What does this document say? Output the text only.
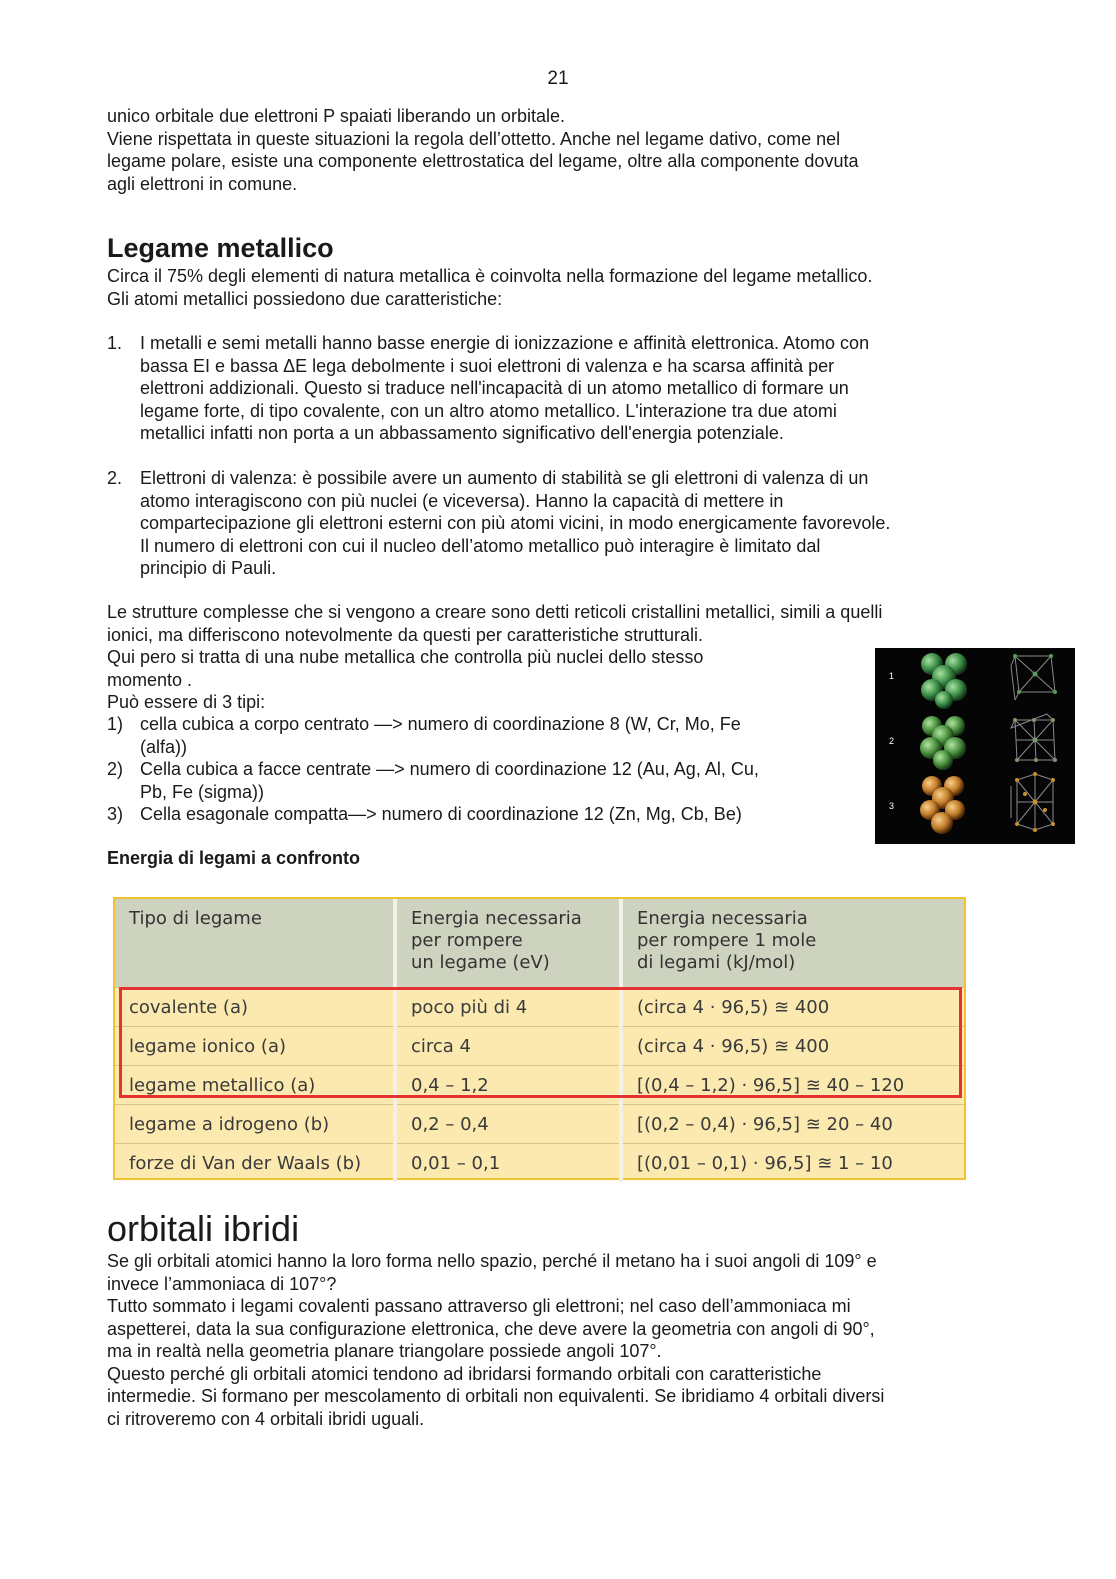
21
unico orbitale due elettroni P spaiati liberando un orbitale.
Viene rispettata in queste situazioni la regola dell’ottetto. Anche nel legame dativo, come nel
legame polare, esiste una componente elettrostatica del legame, oltre alla componente dovuta
agli elettroni in comune.
Legame metallico
Circa il 75% degli elementi di natura metallica è coinvolta nella formazione del legame metallico.
Gli atomi metallici possiedono due caratteristiche:
1. I metalli e semi metalli hanno basse energie di ionizzazione e affinità elettronica. Atomo con
bassa EI e bassa ΔE lega debolmente i suoi elettroni di valenza e ha scarsa affinità per
elettroni addizionali. Questo si traduce nell'incapacità di un atomo metallico di formare un
legame forte, di tipo covalente, con un altro atomo metallico. L'interazione tra due atomi
metallici infatti non porta a un abbassamento significativo dell'energia potenziale.
2. Elettroni di valenza: è possibile avere un aumento di stabilità se gli elettroni di valenza di un
atomo interagiscono con più nuclei (e viceversa). Hanno la capacità di mettere in
compartecipazione gli elettroni esterni con più atomi vicini, in modo energicamente favorevole.
Il numero di elettroni con cui il nucleo dell’atomo metallico può interagire è limitato dal
principio di Pauli.
Le strutture complesse che si vengono a creare sono detti reticoli cristallini metallici, simili a quelli
ionici, ma differiscono notevolmente da questi per caratteristiche strutturali.
Qui pero si tratta di una nube metallica che controlla più nuclei dello stesso
momento .
Può essere di 3 tipi:
1) cella cubica a corpo centrato —> numero di coordinazione 8 (W, Cr, Mo, Fe
(alfa))
2) Cella cubica a facce centrate —> numero di coordinazione 12 (Au, Ag, Al, Cu,
Pb, Fe (sigma))
3) Cella esagonale compatta—> numero di coordinazione 12 (Zn, Mg, Cb, Be)
1
2
3
Energia di legami a confronto
Tipo di legame	Energia necessaria
per rompere
un legame (eV)	Energia necessaria
per rompere 1 mole
di legami (kJ/mol)

covalente (a)	poco più di 4	(circa 4 · 96,5) ≊ 400
legame ionico (a)	circa 4	(circa 4 · 96,5) ≊ 400
legame metallico (a)	0,4 – 1,2	[(0,4 – 1,2) · 96,5] ≊ 40 – 120
legame a idrogeno (b)	0,2 – 0,4	[(0,2 – 0,4) · 96,5] ≊ 20 – 40
forze di Van der Waals (b)	0,01 – 0,1	[(0,01 – 0,1) · 96,5] ≊ 1 – 10
orbitali ibridi
Se gli orbitali atomici hanno la loro forma nello spazio, perché il metano ha i suoi angoli di 109° e
invece l’ammoniaca di 107°?
Tutto sommato i legami covalenti passano attraverso gli elettroni; nel caso dell’ammoniaca mi
aspetterei, data la sua configurazione elettronica, che deve avere la geometria con angoli di 90°,
ma in realtà nella geometria planare triangolare possiede angoli 107°.
Questo perché gli orbitali atomici tendono ad ibridarsi formando orbitali con caratteristiche
intermedie. Si formano per mescolamento di orbitali non equivalenti. Se ibridiamo 4 orbitali diversi
ci ritroveremo con 4 orbitali ibridi uguali.
